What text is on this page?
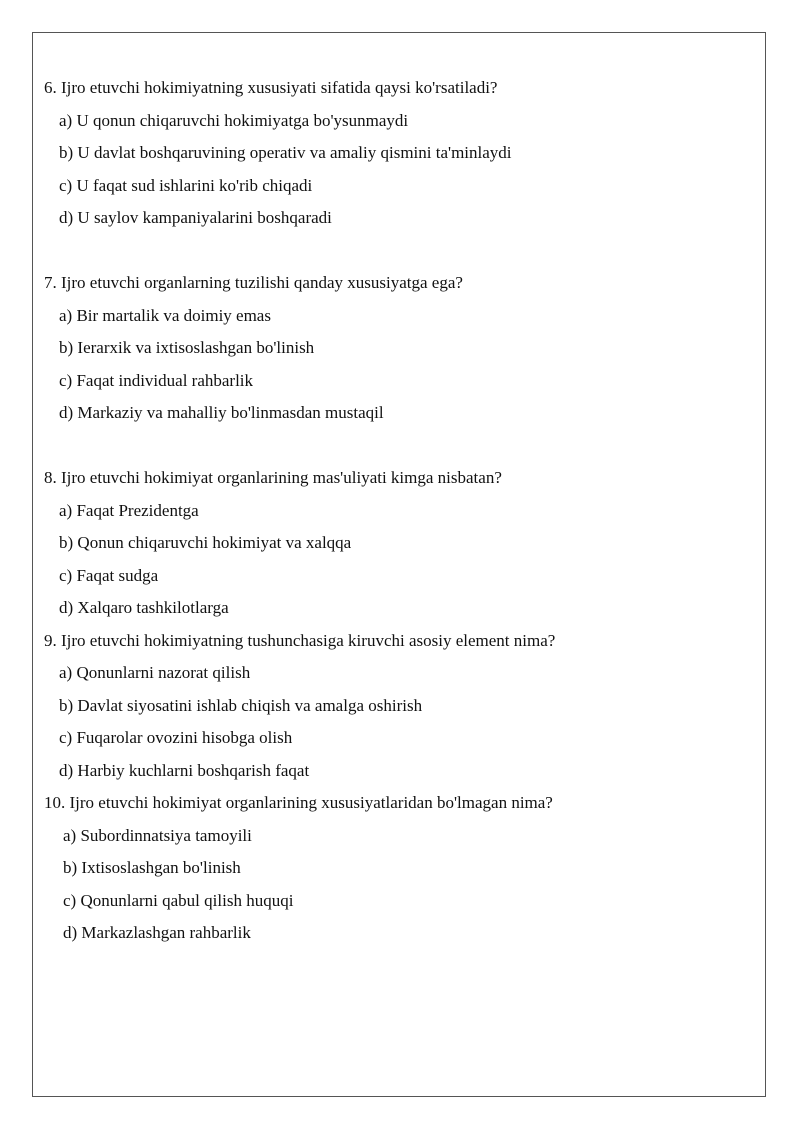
6. Ijro etuvchi hokimiyatning xususiyati sifatida qaysi ko'rsatiladi?
a) U qonun chiqaruvchi hokimiyatga bo'ysunmaydi
b) U davlat boshqaruvining operativ va amaliy qismini ta'minlaydi
c) U faqat sud ishlarini ko'rib chiqadi
d) U saylov kampaniyalarini boshqaradi
7. Ijro etuvchi organlarning tuzilishi qanday xususiyatga ega?
a) Bir martalik va doimiy emas
b) Ierarxik va ixtisoslashgan bo'linish
c) Faqat individual rahbarlik
d) Markaziy va mahalliy bo'linmasdan mustaqil
8. Ijro etuvchi hokimiyat organlarining mas'uliyati kimga nisbatan?
a) Faqat Prezidentga
b) Qonun chiqaruvchi hokimiyat va xalqqa
c) Faqat sudga
d) Xalqaro tashkilotlarga
9. Ijro etuvchi hokimiyatning tushunchasiga kiruvchi asosiy element nima?
a) Qonunlarni nazorat qilish
b) Davlat siyosatini ishlab chiqish va amalga oshirish
c) Fuqarolar ovozini hisobga olish
d) Harbiy kuchlarni boshqarish faqat
10. Ijro etuvchi hokimiyat organlarining xususiyatlaridan bo'lmagan nima?
a) Subordinnatsiya tamoyili
b) Ixtisoslashgan bo'linish
c) Qonunlarni qabul qilish huquqi
d) Markazlashgan rahbarlik
